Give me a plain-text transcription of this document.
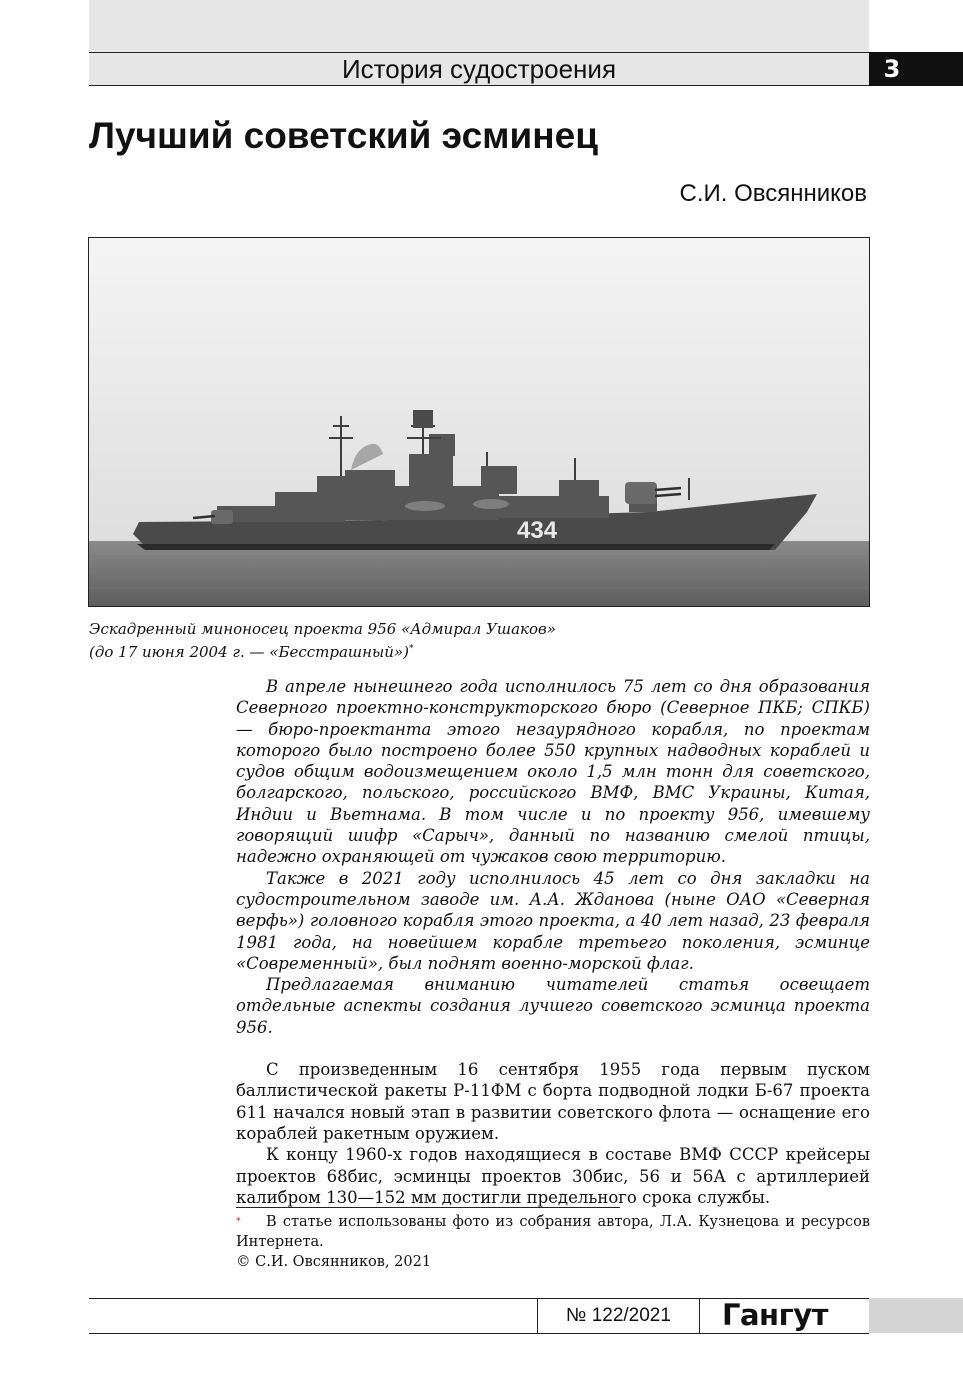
История судостроения	3
Лучший советский эсминец
С.И. Овсянников
434
Эскадренный миноносец проекта 956 «Адмирал Ушаков»
(до 17 июня 2004 г. — «Бесстрашный»)*

В апреле нынешнего года исполнилось 75 лет со дня образования Северного проектно-конструкторского бюро (Северное ПКБ; СПКБ) — бюро-проектанта этого незаурядного корабля, по проектам которого было построено более 550 крупных надводных кораблей и судов общим водоизмещением около 1,5 млн тонн для советского, болгарского, польского, российского ВМФ, ВМС Украины, Китая, Индии и Вьетнама. В том числе и по проекту 956, имевшему говорящий шифр «Сарыч», данный по названию смелой птицы, надежно охраняющей от чужаков свою территорию.

Также в 2021 году исполнилось 45 лет со дня закладки на судостроительном заводе им. А.А. Жданова (ныне ОАО «Северная верфь») головного корабля этого проекта, а 40 лет назад, 23 февраля 1981 года, на новейшем корабле третьего поколения, эсминце «Современный», был поднят военно-морской флаг.

Предлагаемая вниманию читателей статья освещает отдельные аспекты создания лучшего советского эсминца проекта 956.

С произведенным 16 сентября 1955 года первым пуском баллистической ракеты Р-11ФМ с борта подводной лодки Б-67 проекта 611 начался новый этап в развитии советского флота — оснащение его кораблей ракетным оружием.

К концу 1960-х годов находящиеся в составе ВМФ СССР крейсеры проектов 68бис, эсминцы проектов 30бис, 56 и 56А с артиллерией калибром 130—152 мм достигли предельного срока службы.

*	В статье использованы фото из собрания автора, Л.А. Кузнецова и ресурсов Интернета.

© С.И. Овсянников, 2021

№ 122/2021	Гангут
